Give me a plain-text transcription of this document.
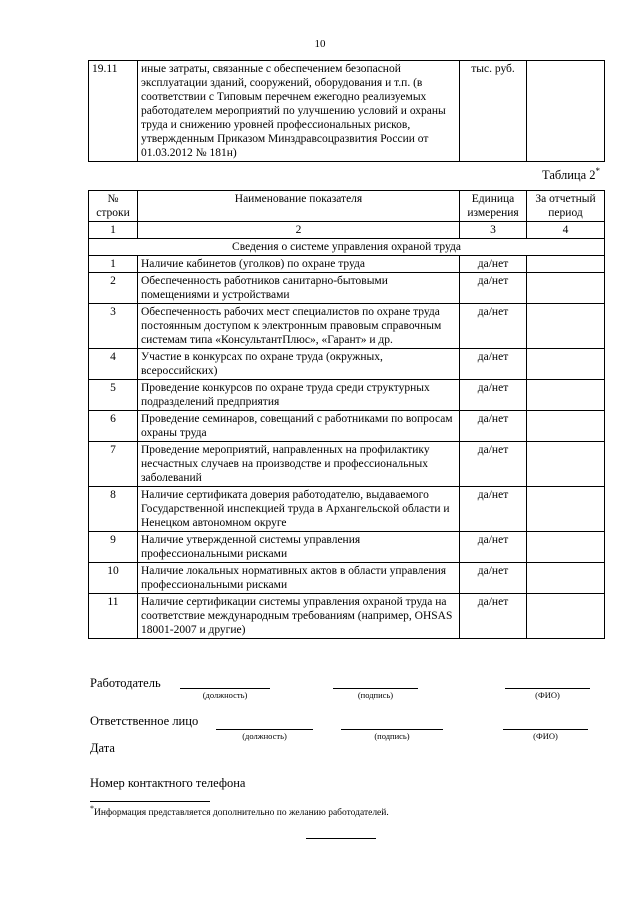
10
19.11	иные затраты, связанные с обеспечением безопасной эксплуатации зданий, сооружений, оборудования и т.п. (в соответствии с Типовым перечнем ежегодно реализуемых работодателем мероприятий по улучшению условий и охраны труда и снижению уровней профессиональных рисков, утвержденным Приказом Минздравсоцразвития России от 01.03.2012 № 181н)	тыс. руб.	
Таблица 2*
№ строки	Наименование показателя	Единица измерения	За отчетный период
1	2	3	4
Сведения о системе управления охраной труда			
1	Наличие кабинетов (уголков) по охране труда	да/нет	
2	Обеспеченность работников санитарно-бытовыми помещениями и устройствами	да/нет	
3	Обеспеченность рабочих мест специалистов по охране труда постоянным доступом к электронным правовым справочным системам типа «КонсультантПлюс», «Гарант» и др.	да/нет	
4	Участие в конкурсах по охране труда (окружных, всероссийских)	да/нет	
5	Проведение конкурсов по охране труда среди структурных подразделений предприятия	да/нет	
6	Проведение семинаров, совещаний с работниками по вопросам охраны труда	да/нет	
7	Проведение мероприятий, направленных на профилактику несчастных случаев на производстве и профессиональных заболеваний	да/нет	
8	Наличие сертификата доверия работодателю, выдаваемого Государственной инспекцией труда в Архангельской области и Ненецком автономном округе	да/нет	
9	Наличие утвержденной системы управления профессиональными рисками	да/нет	
10	Наличие локальных нормативных актов в области управления профессиональными рисками	да/нет	
11	Наличие сертификации системы управления охраной труда на соответствие международным требованиям (например, OHSAS 18001-2007 и другие)	да/нет	
Работодатель
(должность)	(подпись)	(ФИО)
Ответственное лицо
(должность)	(подпись)	(ФИО)
Дата
Номер контактного телефона
*Информация представляется дополнительно по желанию работодателей.
